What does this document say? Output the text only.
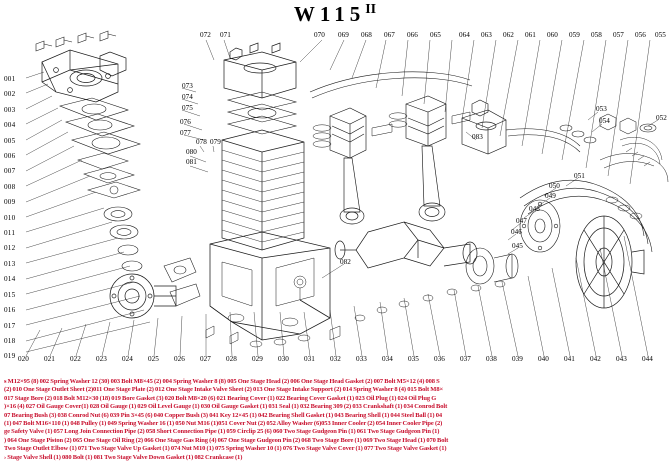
$W115^{II}$
001
002
003
004
005
006
007
008
009
010
011
012
013
014
015
016
017
018
019
072 071	070 069 068 067 066 065	064 063 062 061 060 059 058 057 056 055
020 021 022 023 024 025 026 027 028 029 030 031 032 033 034 035 036 037 038 039 040 041 042 043 044
073
074
075
076
077
078 079
080
081
082
083
053
054	052
051
050
049
048
047
046
045
s M12×95 (8) 002 Spring Washer 12 (30) 003 Bolt M8×45 (2) 004 Spring Washer 8 (8) 005 One Stage Head (2) 006 One Stage Head Gasket (2) 007 Bolt M5×12 (4) 008 S
(2) 010 One Stage Outlet Sheet (2)011 One Stage Plate (2) 012 One Stage Intake Valve Sheet (2) 013 One Stage Intake Support (2) 014 Spring Washer 8 (4) 015 Bolt M8×
017 Stage Bore (2) 018 Bolt M12×30 (18) 019 Bore Gasket (3) 020 Bolt M8×20 (6) 021 Bearing Cover (1) 022 Bearing Cover Gasket (1) 023 Oil Plug (1) 024 Oil Plug G
)×16 (4) 027 Oil Gauge Cover(1) 028 Oil Gauge (1) 029 Oil Level Gauge (1) 030 Oil Gauge Gasket (1) 031 Seal (1) 032 Bearing 309 (2) 033 Crankshaft (1) 034 Conrod Bolt
07 Bearing Bush (3) 038 Conrod Nut (6) 039 Pin 3×45 (6) 040 Copper Bush (3) 041 Key 12×45 (1) 042 Bearing Shell Gasket (1) 043 Bearing Shell (1) 044 Steel Ball (1) 04
(1) 047 Bolt M16×110 (1) 048 Pulley (1) 049 Spring Washer 16 (1) 050 Nut M16 (1)051 Cover Nut (2) 052 Alloy Washer (6)053 Inner Cooler (2) 054 Inner Cooler Pipe (2)
ge Safety Valve (1) 057 Long Join Connection Pipe (2) 058 Short Connection Pipe (1) 059 Circlip 25 (6) 060 Two Stage Gudgeon Pin (1) 061 Two Stage Gudgeon Pin (1)
) 064 One Stage Piston (2) 065 One Stage Oil Ring (2) 066 One Stage Gas Ring (4) 067 One Stage Gudgeon Pin (2) 068 Two Stage Bore (1) 069 Two Stage Head (1) 070 Bolt
Two Stage Outlet Elbow (1) 071 Two Stage Valve Up Gasket (1) 074 Nut M10 (1) 075 Spring Washer 10 (1) 076 Two Stage Valve Cover (1) 077 Two Stage Valve Gasket (1)
› Stage Valve Shell (1) 080 Bolt (1) 081 Two Stage Valve Down Gasket (1) 082 Crankcase (1)
